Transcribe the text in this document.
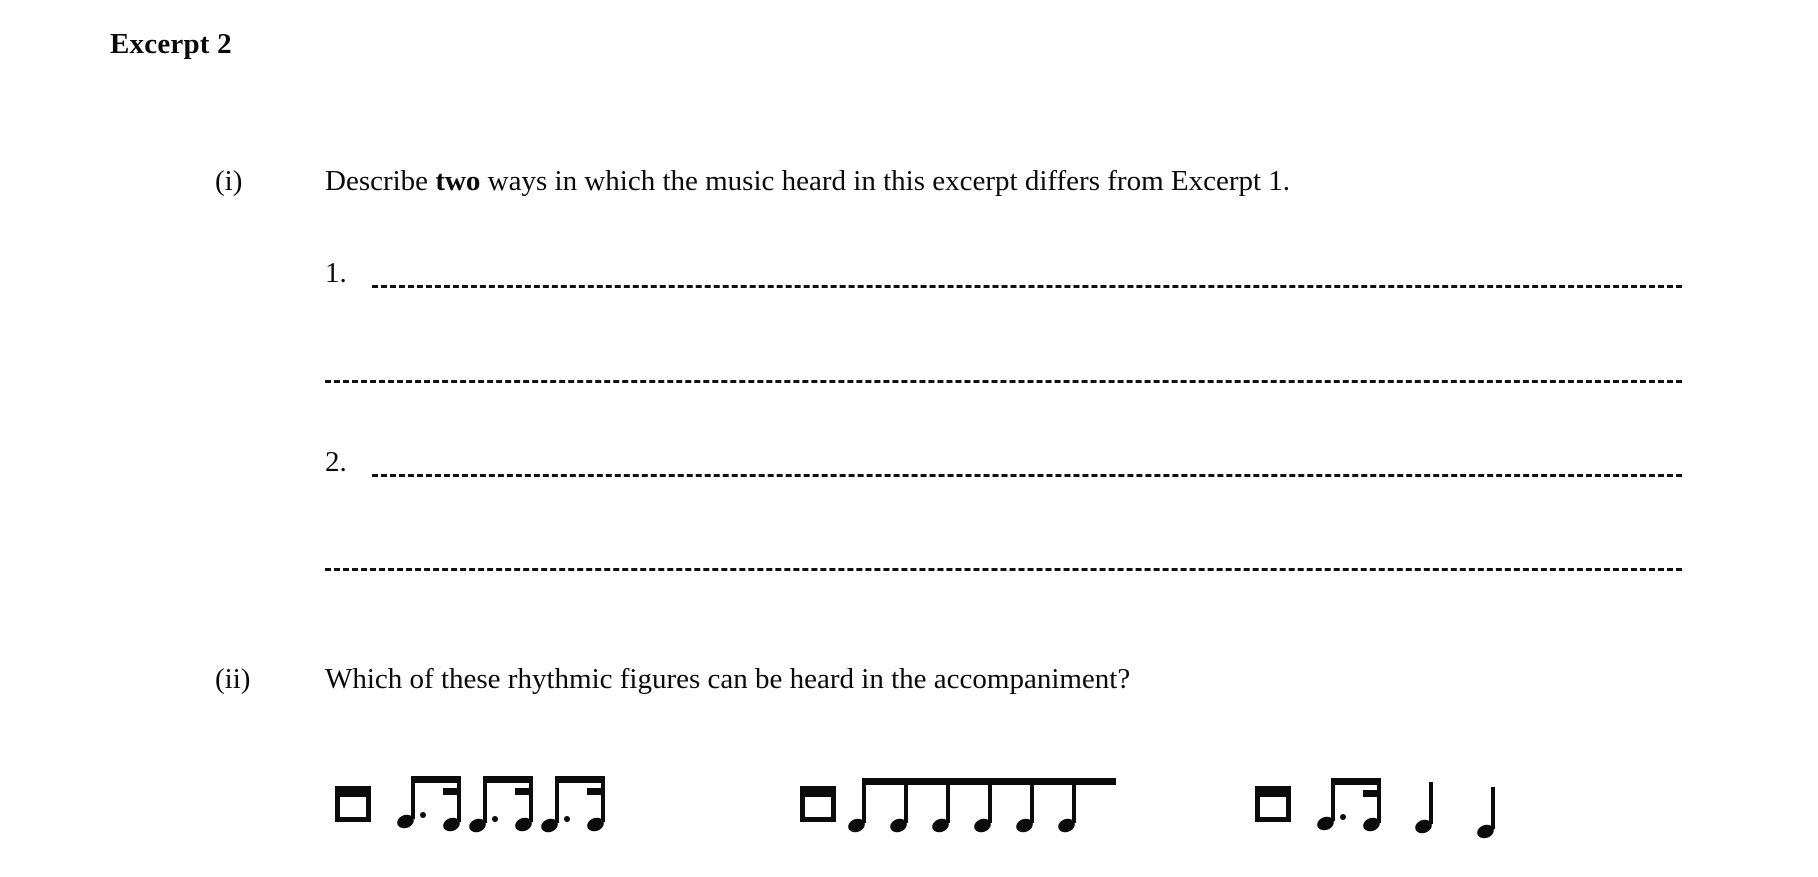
Excerpt 2
(i)	Describe two ways in which the music heard in this excerpt differs from Excerpt 1.
1.
2.
(ii)	Which of these rhythmic figures can be heard in the accompaniment?
